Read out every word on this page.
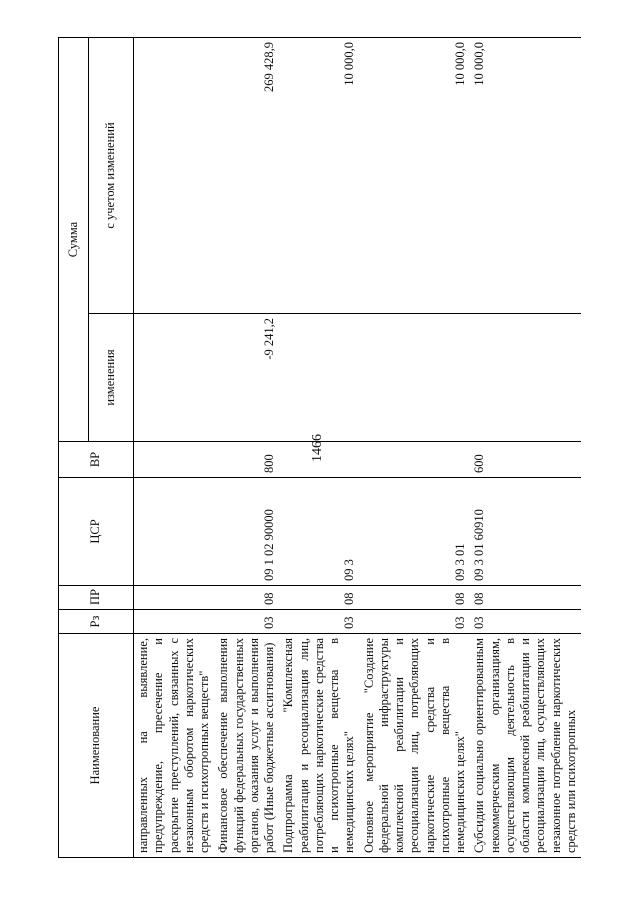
1466
Наименование	Рз	ПР	ЦСР	ВР	Сумма	
					изменения	с учетом изменений
направленных на выявление, предупреждение, пресечение и раскрытие преступлений, связанных с незаконным оборотом наркотических средств и психотропных веществ"						
Финансовое обеспечение выполнения функций федеральных государственных органов, оказания услуг и выполнения работ (Иные бюджетные ассигнования)	03	08	09 1 02 90000	800	-9 241,2	269 428,9
Подпрограмма "Комплексная реабилитация и ресоциализация лиц, потребляющих наркотические средства и психотропные вещества в немедицинских целях"	03	08	09 3			10 000,0
Основное мероприятие "Создание федеральной инфраструктуры комплексной реабилитации и ресоциализации лиц, потребляющих наркотические средства и психотропные вещества в немедицинских целях"	03	08	09 3 01			10 000,0
Субсидии социально ориентированным некоммерческим организациям, осуществляющим деятельность в области комплексной реабилитации и ресоциализации лиц, осуществляющих незаконное потребление наркотических средств или психотропных	03	08	09 3 01 60910	600		10 000,0
